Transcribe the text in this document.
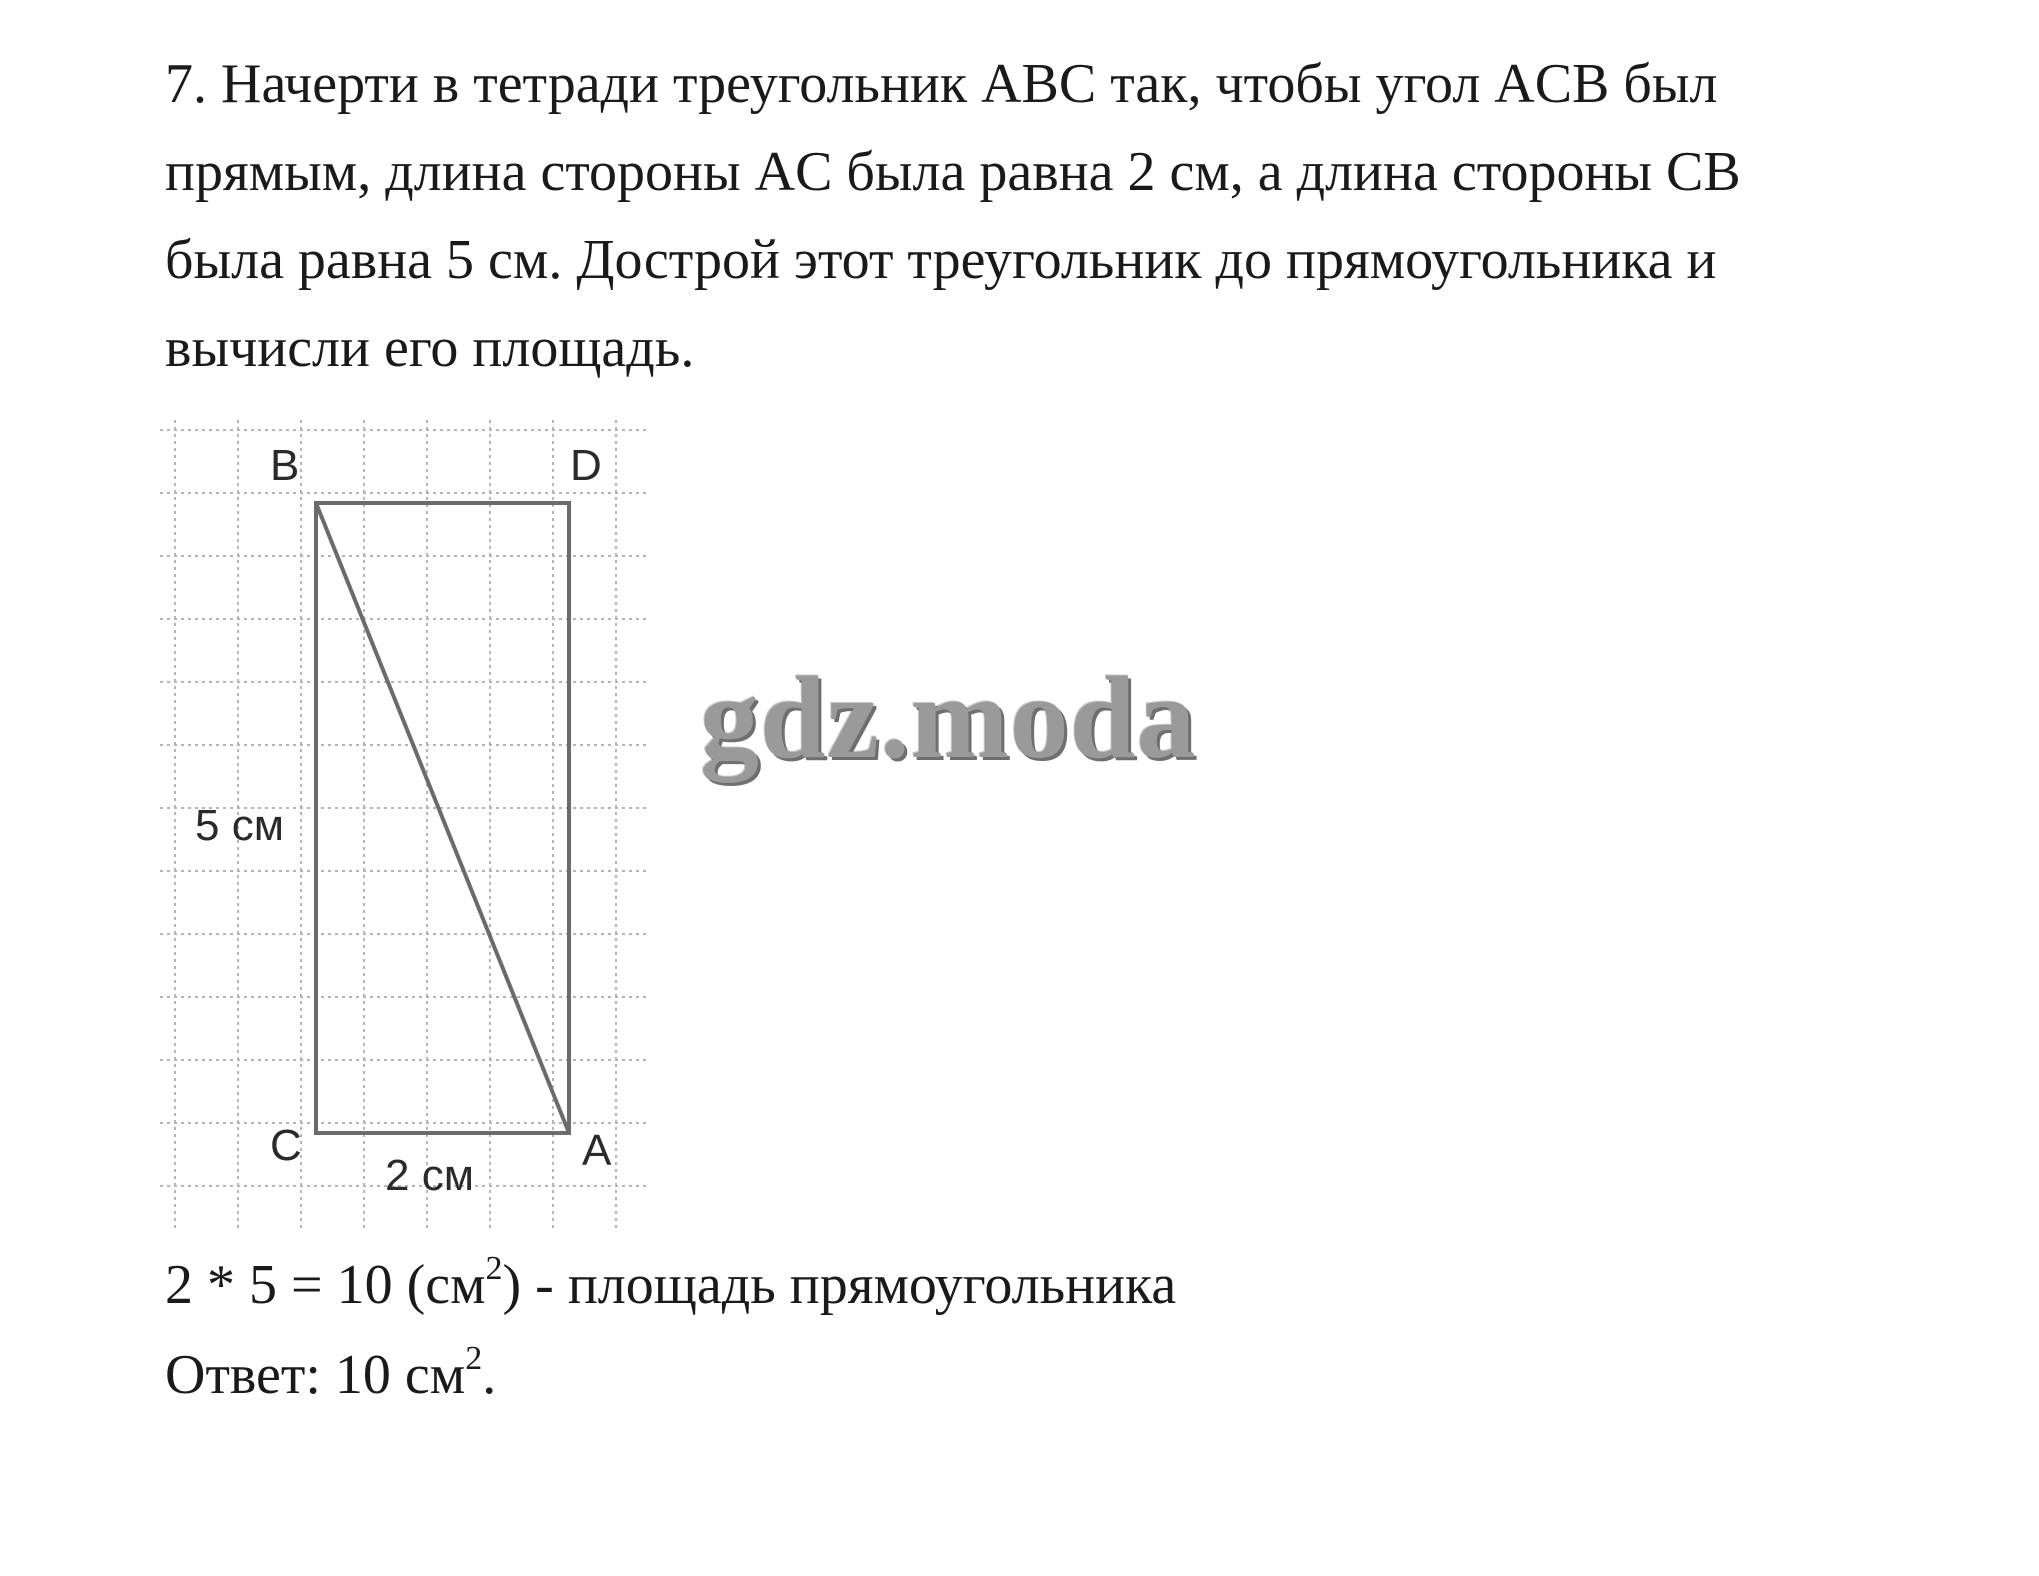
7. Начерти в тетради треугольник ABC так, чтобы угол ACB был

прямым, длина стороны AC была равна 2 см, а длина стороны CB

была равна 5 см. Дострой этот треугольник до прямоугольника и

вычисли его площадь.

B	D
C	A
5 см
2 см
gdz.moda

2 * 5 = 10 $(см^2)$ - площадь прямоугольника

Ответ: 10 $см^2$.
